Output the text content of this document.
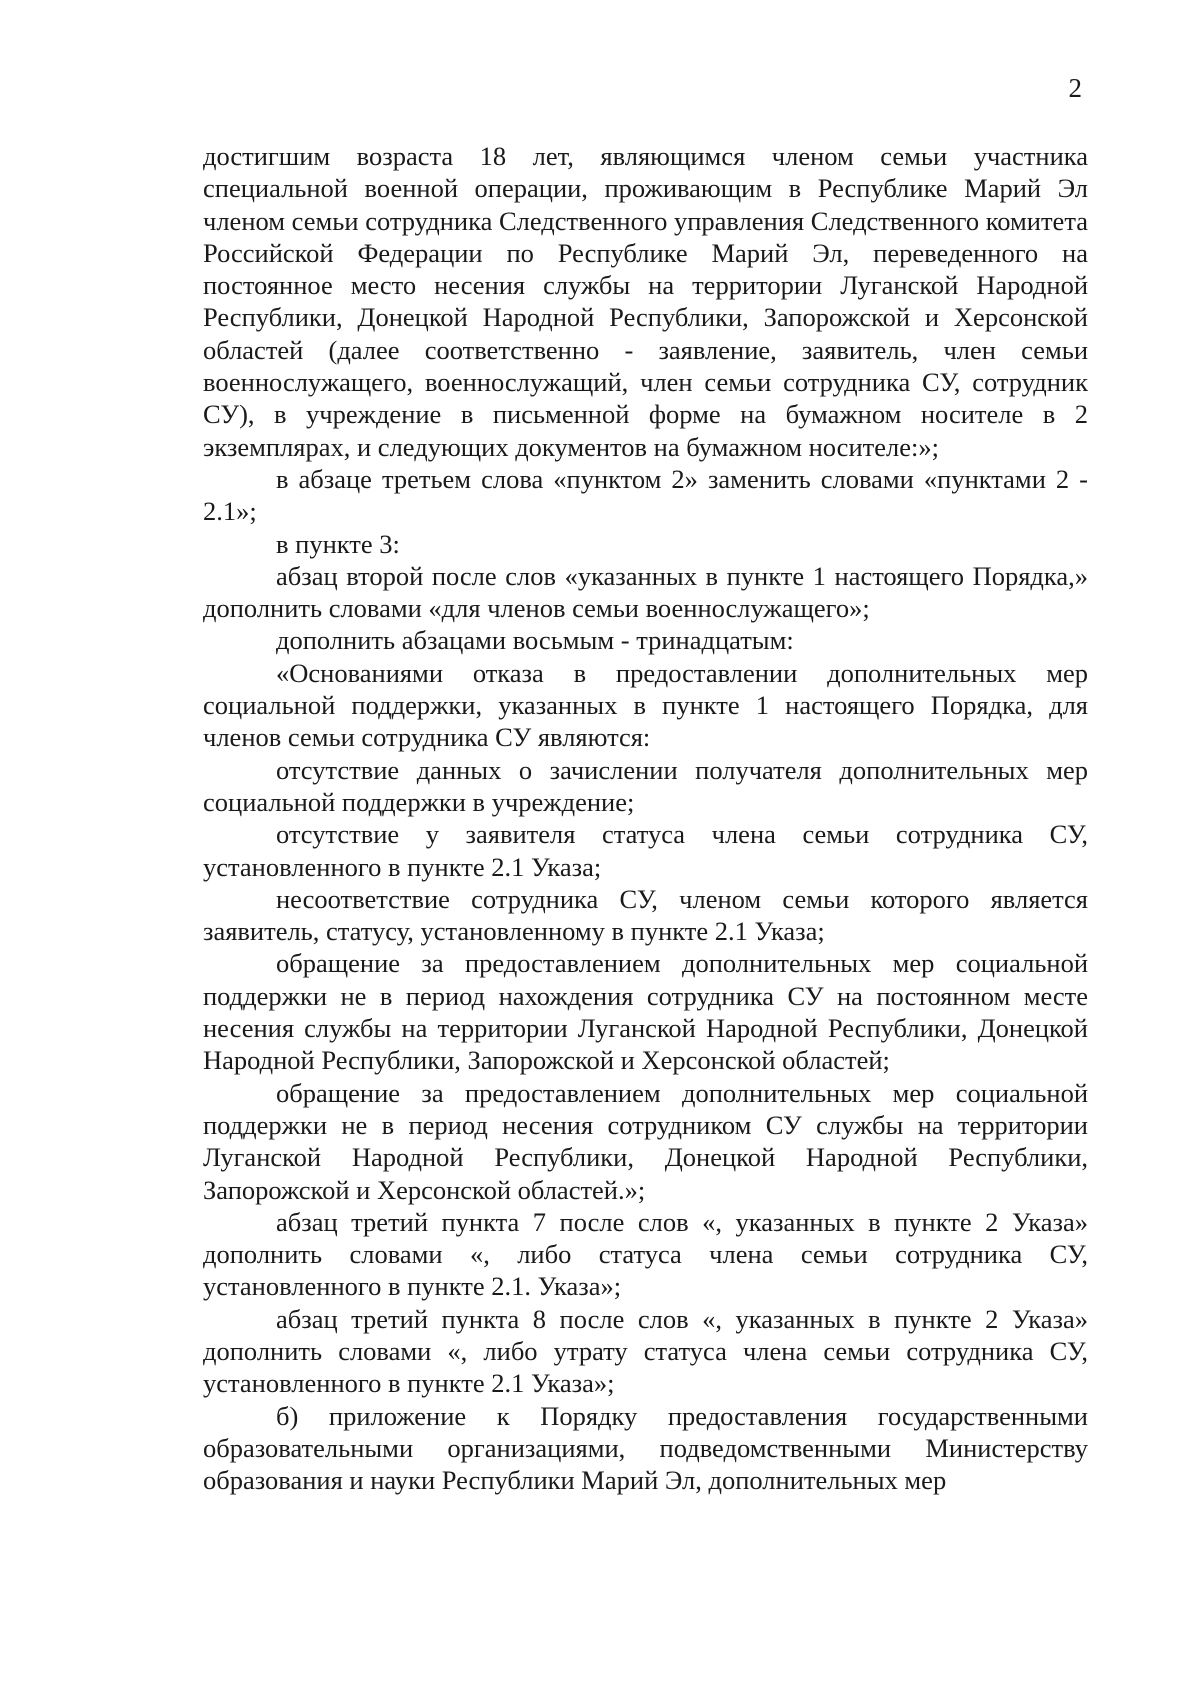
2

достигшим возраста 18 лет, являющимся членом семьи участника специальной военной операции, проживающим в Республике Марий Эл членом семьи сотрудника Следственного управления Следственного комитета Российской Федерации по Республике Марий Эл, переведенного на постоянное место несения службы на территории Луганской Народной Республики, Донецкой Народной Республики, Запорожской и Херсонской областей (далее соответственно - заявление, заявитель, член семьи военнослужащего, военнослужащий, член семьи сотрудника СУ, сотрудник СУ), в учреждение в письменной форме на бумажном носителе в 2 экземплярах, и следующих документов на бумажном носителе:»;

в абзаце третьем слова «пунктом 2» заменить словами «пунктами 2 - 2.1»;

в пункте 3:

абзац второй после слов «указанных в пункте 1 настоящего Порядка,» дополнить словами «для членов семьи военнослужащего»;

дополнить абзацами восьмым - тринадцатым:

«Основаниями отказа в предоставлении дополнительных мер социальной поддержки, указанных в пункте 1 настоящего Порядка, для членов семьи сотрудника СУ являются:

отсутствие данных о зачислении получателя дополнительных мер социальной поддержки в учреждение;

отсутствие у заявителя статуса члена семьи сотрудника СУ, установленного в пункте 2.1 Указа;

несоответствие сотрудника СУ, членом семьи которого является заявитель, статусу, установленному в пункте 2.1 Указа;

обращение за предоставлением дополнительных мер социальной поддержки не в период нахождения сотрудника СУ на постоянном месте несения службы на территории Луганской Народной Республики, Донецкой Народной Республики, Запорожской и Херсонской областей;

обращение за предоставлением дополнительных мер социальной поддержки не в период несения сотрудником СУ службы на территории Луганской Народной Республики, Донецкой Народной Республики, Запорожской и Херсонской областей.»;

абзац третий пункта 7 после слов «, указанных в пункте 2 Указа» дополнить словами «, либо статуса члена семьи сотрудника СУ, установленного в пункте 2.1. Указа»;

абзац третий пункта 8 после слов «, указанных в пункте 2 Указа» дополнить словами «, либо утрату статуса члена семьи сотрудника СУ, установленного в пункте 2.1 Указа»;

б) приложение к Порядку предоставления государственными образовательными организациями, подведомственными Министерству образования и науки Республики Марий Эл, дополнительных мер
